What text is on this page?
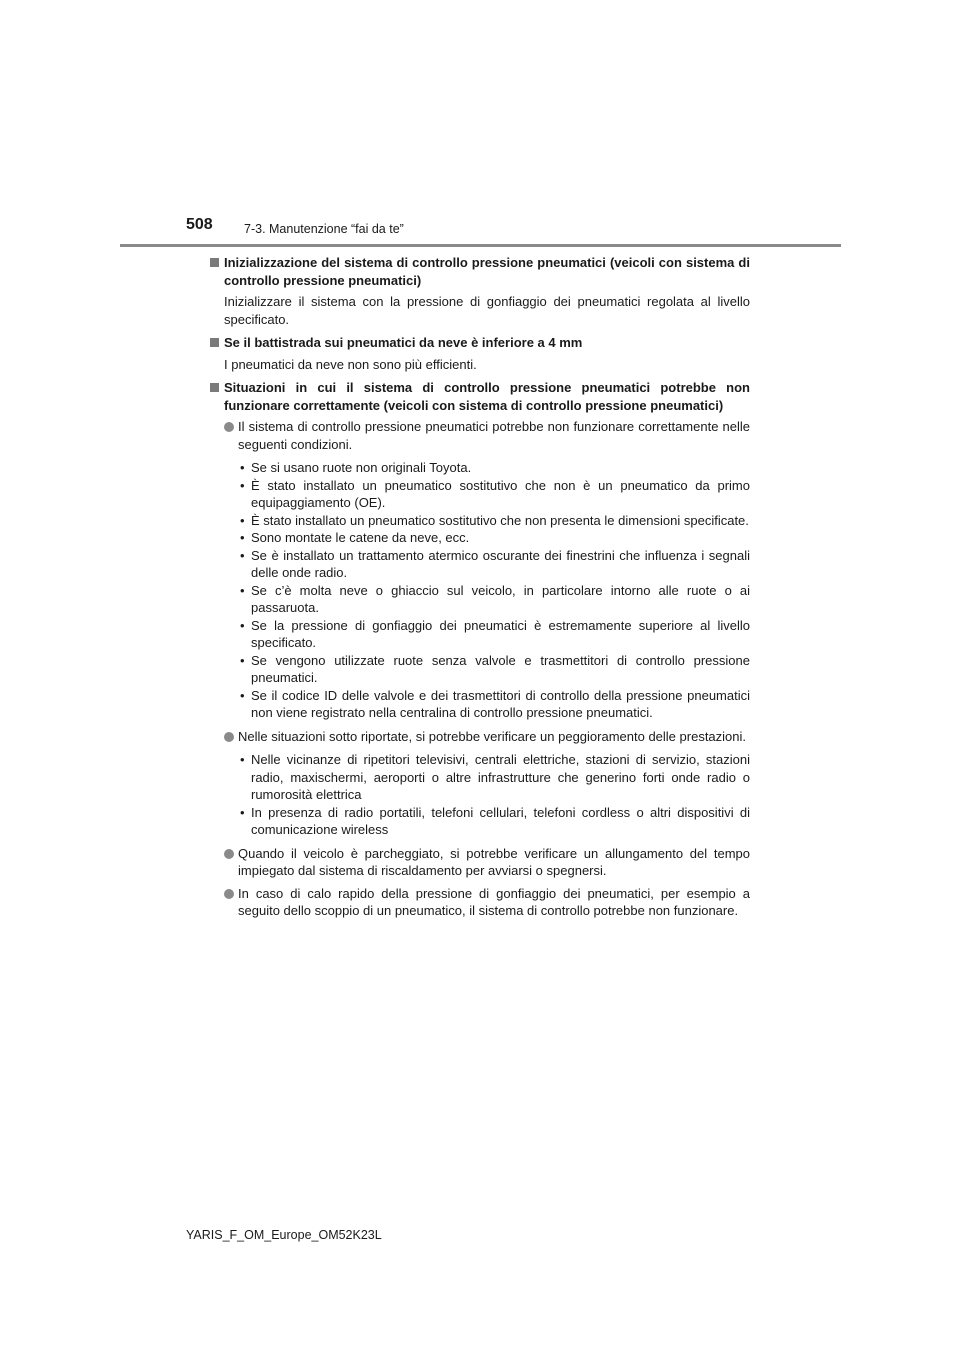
508	7-3. Manutenzione “fai da te”
Inizializzazione del sistema di controllo pressione pneumatici (veicoli con sistema di controllo pressione pneumatici)
Inizializzare il sistema con la pressione di gonfiaggio dei pneumatici regolata al livello specificato.
Se il battistrada sui pneumatici da neve è inferiore a 4 mm
I pneumatici da neve non sono più efficienti.
Situazioni in cui il sistema di controllo pressione pneumatici potrebbe non funzionare correttamente (veicoli con sistema di controllo pressione pneumatici)
Il sistema di controllo pressione pneumatici potrebbe non funzionare correttamente nelle seguenti condizioni.
• Se si usano ruote non originali Toyota.
• È stato installato un pneumatico sostitutivo che non è un pneumatico da primo equipaggiamento (OE).
• È stato installato un pneumatico sostitutivo che non presenta le dimensioni specificate.
• Sono montate le catene da neve, ecc.
• Se è installato un trattamento atermico oscurante dei finestrini che influenza i segnali delle onde radio.
• Se c’è molta neve o ghiaccio sul veicolo, in particolare intorno alle ruote o ai passaruota.
• Se la pressione di gonfiaggio dei pneumatici è estremamente superiore al livello specificato.
• Se vengono utilizzate ruote senza valvole e trasmettitori di controllo pressione pneumatici.
• Se il codice ID delle valvole e dei trasmettitori di controllo della pressione pneumatici non viene registrato nella centralina di controllo pressione pneumatici.
Nelle situazioni sotto riportate, si potrebbe verificare un peggioramento delle prestazioni.
• Nelle vicinanze di ripetitori televisivi, centrali elettriche, stazioni di servizio, stazioni radio, maxischermi, aeroporti o altre infrastrutture che generino forti onde radio o rumorosità elettrica
• In presenza di radio portatili, telefoni cellulari, telefoni cordless o altri dispositivi di comunicazione wireless
Quando il veicolo è parcheggiato, si potrebbe verificare un allungamento del tempo impiegato dal sistema di riscaldamento per avviarsi o spegnersi.
In caso di calo rapido della pressione di gonfiaggio dei pneumatici, per esempio a seguito dello scoppio di un pneumatico, il sistema di controllo potrebbe non funzionare.
YARIS_F_OM_Europe_OM52K23L
